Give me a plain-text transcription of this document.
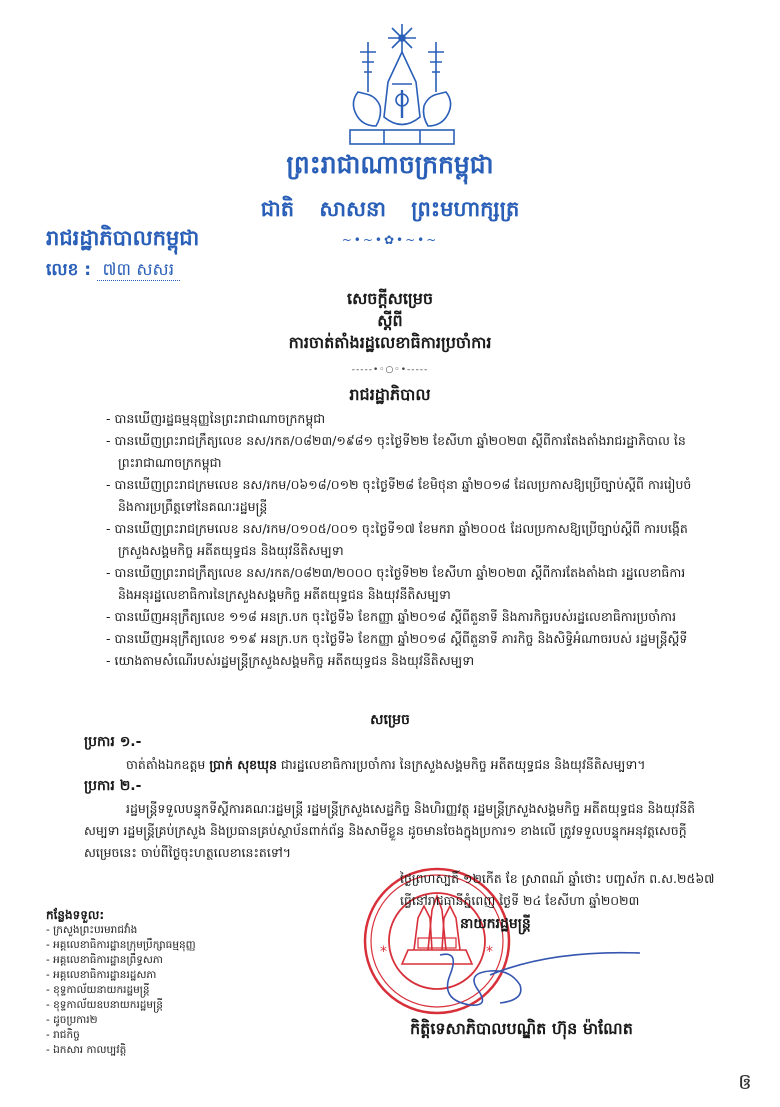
ព្រះរាជាណាចក្រកម្ពុជា
ជាតិ សាសនា ព្រះមហាក្សត្រ
~•~•✿•~•~
រាជរដ្ឋាភិបាលកម្ពុជា
លេខ : ៧៣ សសរ
សេចក្តីសម្រេច
ស្តីពី
ការចាត់តាំងរដ្ឋលេខាធិការប្រចាំការ
-----•◦○◦•-----
រាជរដ្ឋាភិបាល
- បានឃើញរដ្ឋធម្មនុញ្ញនៃព្រះរាជាណាចក្រកម្ពុជា
- បានឃើញព្រះរាជក្រឹត្យលេខ នស/រកត/០៨២៣/១៩៨១ ចុះថ្ងៃទី២២ ខែសីហា ឆ្នាំ២០២៣ ស្តីពីការតែងតាំងរាជរដ្ឋាភិបាល នៃព្រះរាជាណាចក្រកម្ពុជា
- បានឃើញព្រះរាជក្រមលេខ នស/រកម/០៦១៨/០១២ ចុះថ្ងៃទី២៨ ខែមិថុនា ឆ្នាំ២០១៨ ដែលប្រកាសឱ្យប្រើច្បាប់ស្តីពី ការរៀបចំ និងការប្រព្រឹត្តទៅនៃគណៈរដ្ឋមន្ត្រី
- បានឃើញព្រះរាជក្រមលេខ នស/រកម/០១០៥/០០១ ចុះថ្ងៃទី១៧ ខែមករា ឆ្នាំ២០០៥ ដែលប្រកាសឱ្យប្រើច្បាប់ស្តីពី ការបង្កើតក្រសួងសង្គមកិច្ច អតីតយុទ្ធជន និងយុវនីតិសម្បទា
- បានឃើញព្រះរាជក្រឹត្យលេខ នស/រកត/០៨២៣/២០០០ ចុះថ្ងៃទី២២ ខែសីហា ឆ្នាំ២០២៣ ស្តីពីការតែងតាំងជា រដ្ឋលេខាធិការ និងអនុរដ្ឋលេខាធិការនៃក្រសួងសង្គមកិច្ច អតីតយុទ្ធជន និងយុវនីតិសម្បទា
- បានឃើញអនុក្រឹត្យលេខ ១១៨ អនក្រ.បក ចុះថ្ងៃទី៦ ខែកញ្ញា ឆ្នាំ២០១៨ ស្តីពីតួនាទី និងភារកិច្ចរបស់រដ្ឋលេខាធិការប្រចាំការ
- បានឃើញអនុក្រឹត្យលេខ ១១៩ អនក្រ.បក ចុះថ្ងៃទី៦ ខែកញ្ញា ឆ្នាំ២០១៨ ស្តីពីតួនាទី ភារកិច្ច និងសិទ្ធិអំណាចរបស់ រដ្ឋមន្ត្រីស្តីទី
- យោងតាមសំណើរបស់រដ្ឋមន្ត្រីក្រសួងសង្គមកិច្ច អតីតយុទ្ធជន និងយុវនីតិសម្បទា
សម្រេច
ប្រការ ១.-
ចាត់តាំងឯកឧត្តម ប្រាក់ សុខឃុន ជារដ្ឋលេខាធិការប្រចាំការ នៃក្រសួងសង្គមកិច្ច អតីតយុទ្ធជន និងយុវនីតិសម្បទា។
ប្រការ ២.-
រដ្ឋមន្ត្រីទទួលបន្ទុកទីស្តីការគណៈរដ្ឋមន្ត្រី រដ្ឋមន្ត្រីក្រសួងសេដ្ឋកិច្ច និងហិរញ្ញវត្ថុ រដ្ឋមន្ត្រីក្រសួងសង្គមកិច្ច អតីតយុទ្ធជន និងយុវនីតិសម្បទា រដ្ឋមន្ត្រីគ្រប់ក្រសួង និងប្រធានគ្រប់ស្ថាប័នពាក់ព័ន្ធ និងសាមីខ្លួន ដូចមានចែងក្នុងប្រការ១ ខាងលើ ត្រូវទទួលបន្ទុកអនុវត្តសេចក្តីសម្រេចនេះ ចាប់ពីថ្ងៃចុះហត្ថលេខានេះតទៅ។
*	*
ថ្ងៃព្រហស្បតិ៍ ១២កើត ខែ ស្រាពណ៍ ឆ្នាំថោះ បញ្ចស័ក ព.ស.២៥៦៧
ធ្វើនៅរាជធានីភ្នំពេញ ថ្ងៃទី ២៤ ខែសីហា ឆ្នាំ២០២៣
នាយករដ្ឋមន្ត្រី
កិត្តិទេសាភិបាលបណ្ឌិត ហ៊ុន ម៉ាណែត
កន្លែងទទួល:
- ក្រសួងព្រះបរមរាជវាំង
- អគ្គលេខាធិការដ្ឋានក្រុមប្រឹក្សាធម្មនុញ្ញ
- អគ្គលេខាធិការដ្ឋានព្រឹទ្ធសភា
- អគ្គលេខាធិការដ្ឋានរដ្ឋសភា
- ខុទ្ទកាល័យនាយករដ្ឋមន្ត្រី
- ខុទ្ទកាល័យឧបនាយករដ្ឋមន្ត្រី
- ដូចប្រការ២
- រាជកិច្ច
- ឯកសារ កាលប្បវត្តិ
ឲ
